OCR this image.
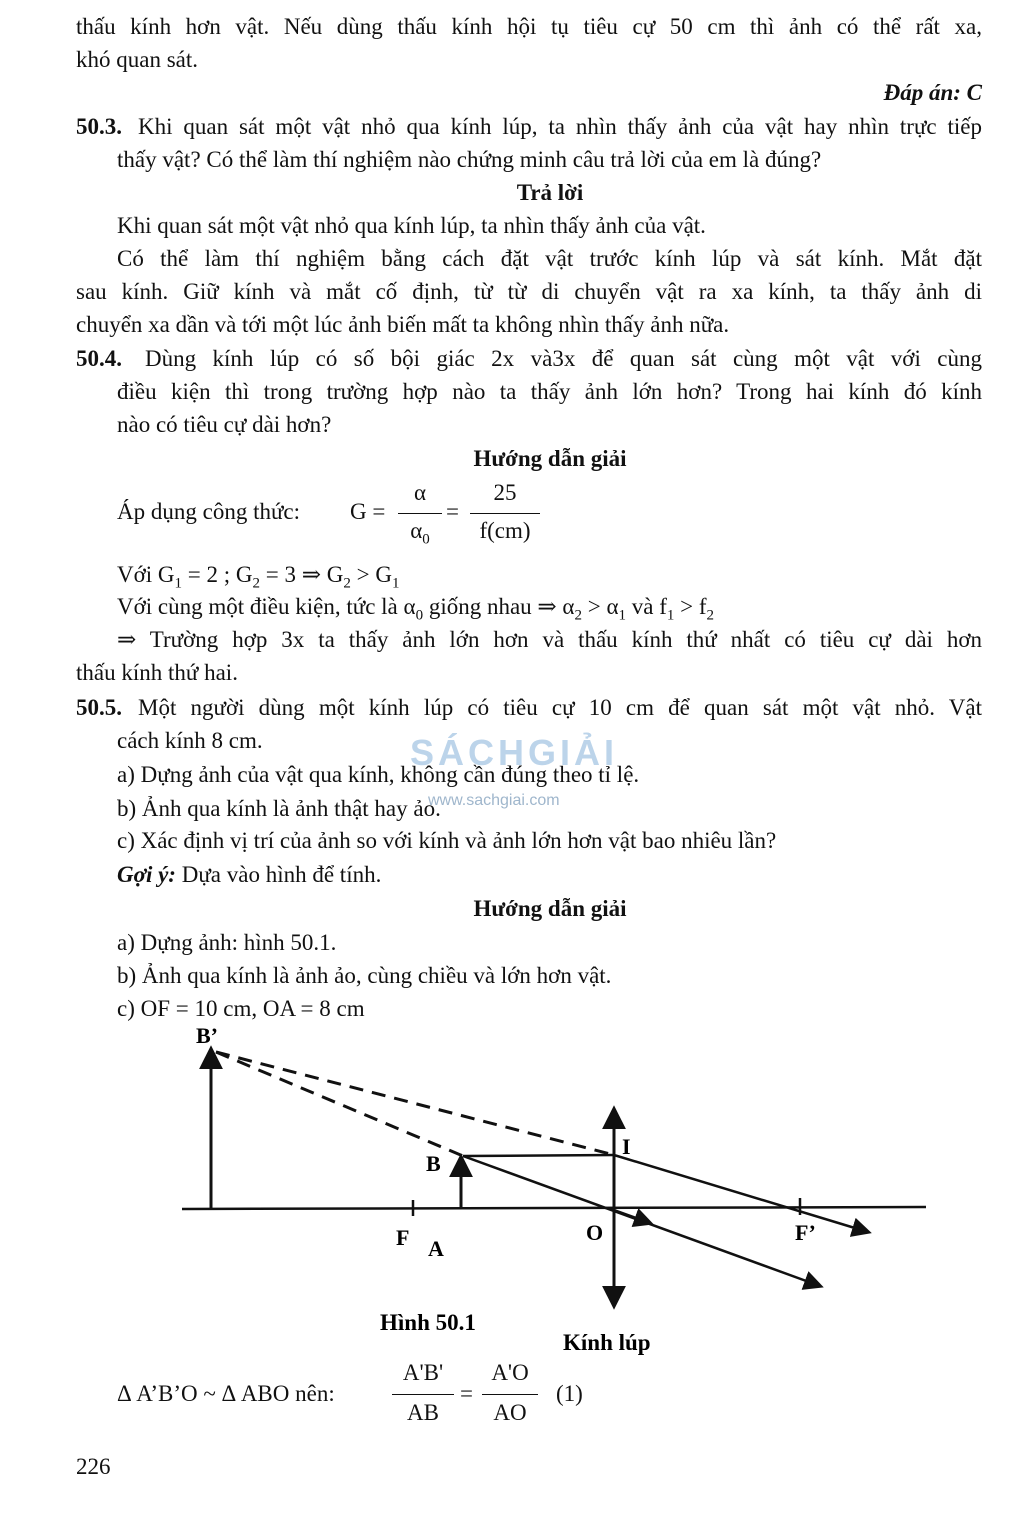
thấu kính hơn vật. Nếu dùng thấu kính hội tụ tiêu cự 50 cm thì ảnh có thể rất xa,
khó quan sát.
Đáp án: C
50.3. Khi quan sát một vật nhỏ qua kính lúp, ta nhìn thấy ảnh của vật hay nhìn trực tiếp
thấy vật? Có thể làm thí nghiệm nào chứng minh câu trả lời của em là đúng?
Trả lời
Khi quan sát một vật nhỏ qua kính lúp, ta nhìn thấy ảnh của vật.
Có thể làm thí nghiệm bằng cách đặt vật trước kính lúp và sát kính. Mắt đặt
sau kính. Giữ kính và mắt cố định, từ từ di chuyển vật ra xa kính, ta thấy ảnh di
chuyển xa dần và tới một lúc ảnh biến mất ta không nhìn thấy ảnh nữa.
50.4. Dùng kính lúp có số bội giác 2x và3x để quan sát cùng một vật với cùng
điều kiện thì trong trường hợp nào ta thấy ảnh lớn hơn? Trong hai kính đó kính
nào có tiêu cự dài hơn?
Hướng dẫn giải
Áp dụng công thức: G =
α
$\alpha_0$
=
25
f(cm)
Với $G_1 = 2$ ; $G_2 = 3$ ⇒ $G_2 > G_1$
Với cùng một điều kiện, tức là $\alpha_0$ giống nhau ⇒ $\alpha_2 > \alpha_1$ và $f_1 > f_2$
⇒ Trường hợp 3x ta thấy ảnh lớn hơn và thấu kính thứ nhất có tiêu cự dài hơn
thấu kính thứ hai.
50.5. Một người dùng một kính lúp có tiêu cự 10 cm để quan sát một vật nhỏ. Vật
cách kính 8 cm.
a) Dựng ảnh của vật qua kính, không cần đúng theo tỉ lệ.
b) Ảnh qua kính là ảnh thật hay ảo.
c) Xác định vị trí của ảnh so với kính và ảnh lớn hơn vật bao nhiêu lần?
Gợi ý: Dựa vào hình để tính.
SÁCHGIẢI
www.sachgiai.com
Hướng dẫn giải
a) Dựng ảnh: hình 50.1.
b) Ảnh qua kính là ảnh ảo, cùng chiều và lớn hơn vật.
c) OF = 10 cm, OA = 8 cm
B’
B
I
F A
O	F’
Hình 50.1
Kính lúp
Δ A’B’O ~ Δ ABO nên:
A'B'
AB
=
A'O
AO
(1)
226
